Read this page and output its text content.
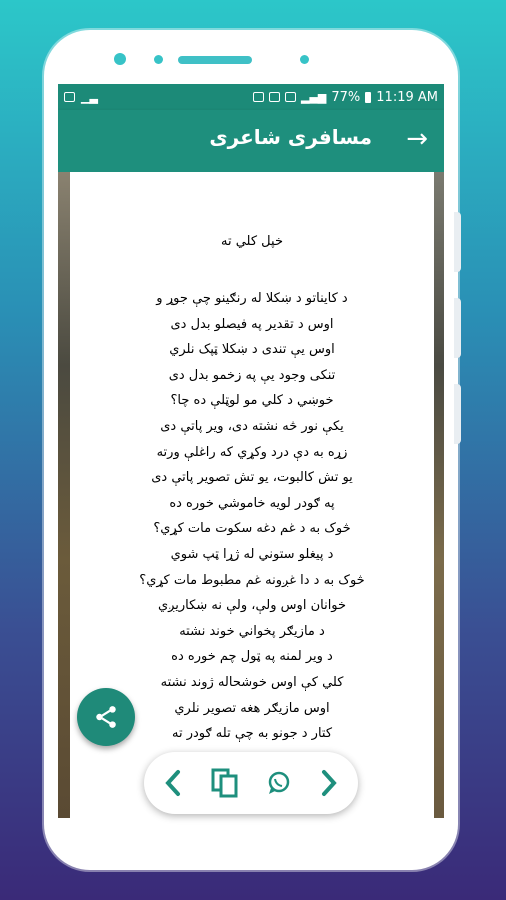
▁▃	▂▄▆ 77% 11:19 AM
مسافری شاعری →
خپل کلي ته
د کايناتو د ښکلا له رنګينو چې جوړ و
اوس د تقدير په فيصلو بدل دی
اوس يې تندی د ښکلا ټپک نلري
تنکی وجود يې په زخمو بدل دی
خوښي د کلي مو لوټلې ده چا؟
يکې نور څه نشته دی، وير پاتې دی
زړه به دې درد وکړي که راغلې ورته
يو تش کالبوت، يو تش تصوير پاتې دی
په ګودر لويه خاموشي خوره ده
څوک به د غم دغه سکوت مات کړي؟
د پيغلو ستوني له ژړا ټپ شوي
څوک به د دا غږونه غم مطبوط مات کړي؟
خوانان اوس ولې، ولې نه ښکاريږي
د مازيګر پخواني خوند نشته
د وير لمنه په ټول چم خوره ده
کلي کې اوس خوشحاله ژوند نشته
اوس مازيګر هغه تصوير نلري
کتار د جونو به چې تله ګودر ته
